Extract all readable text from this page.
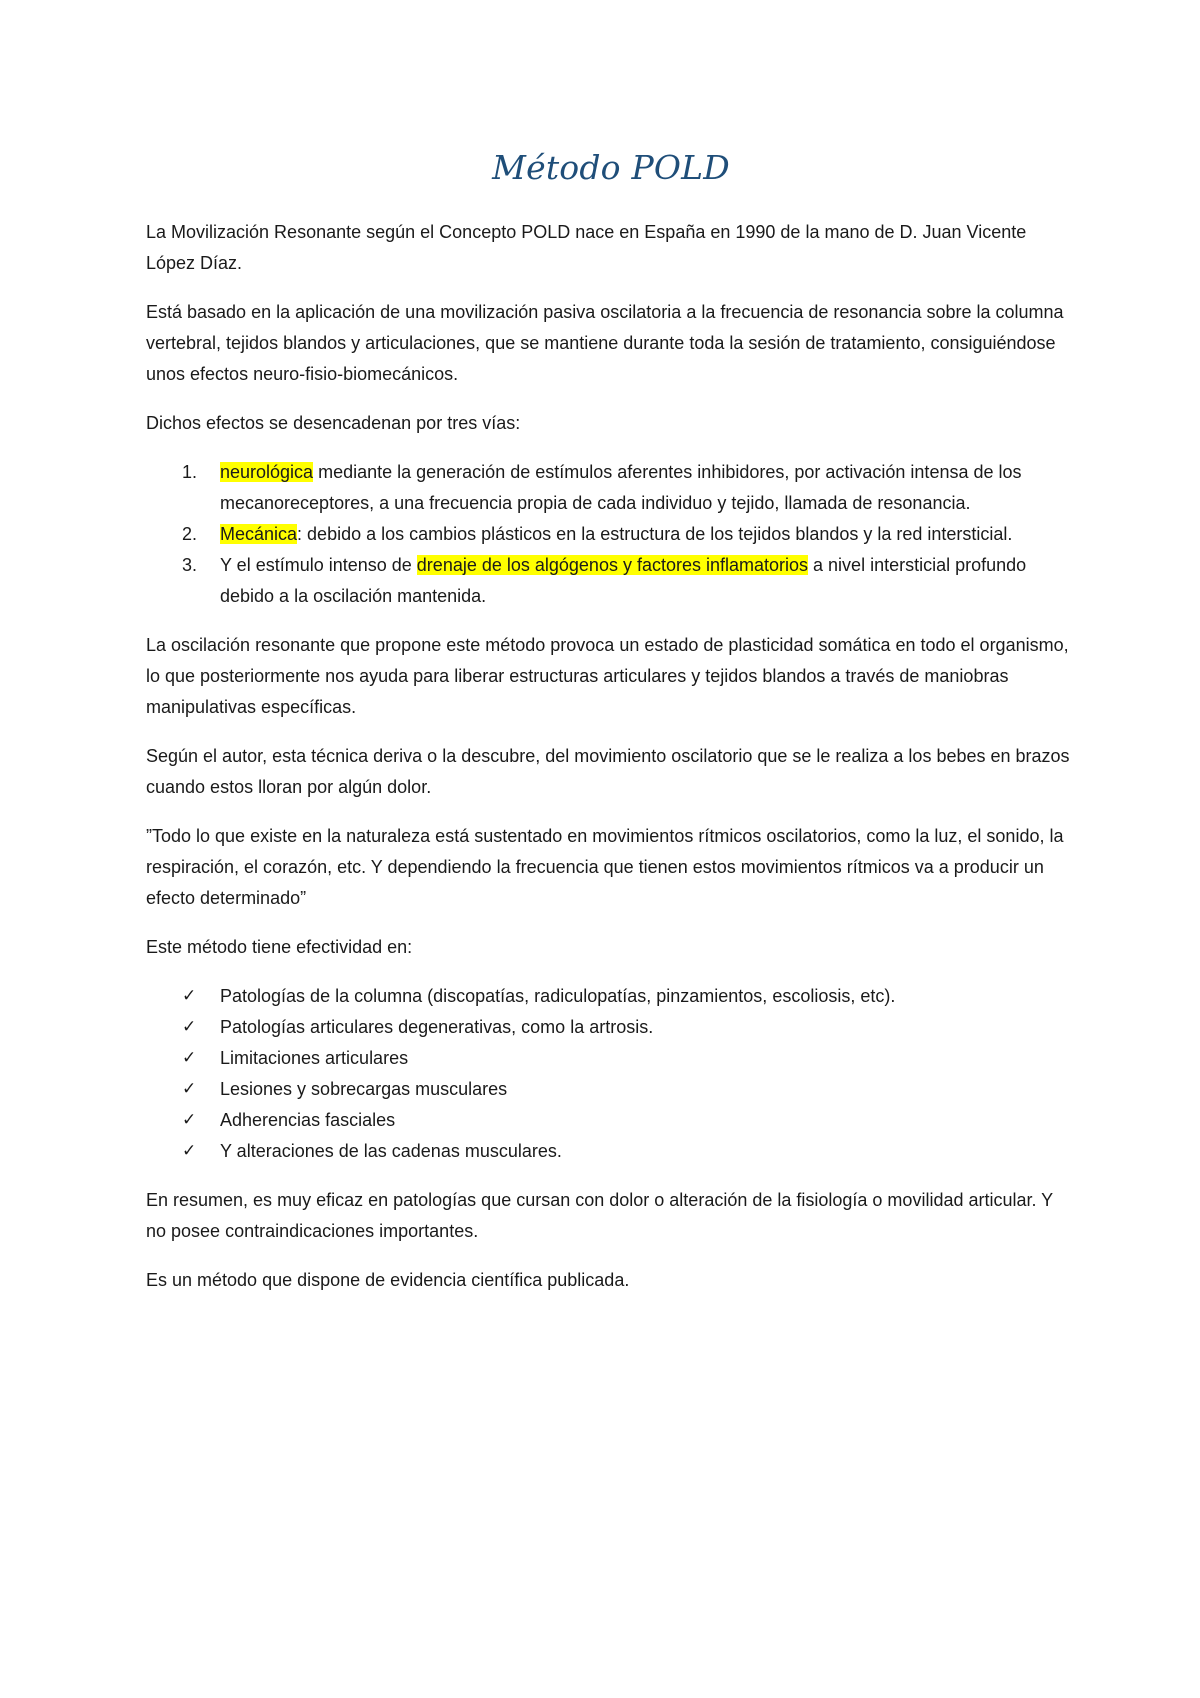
Método POLD

La Movilización Resonante según el Concepto POLD nace en España en 1990 de la mano de D. Juan Vicente López Díaz.

Está basado en la aplicación de una movilización pasiva oscilatoria a la frecuencia de resonancia sobre la columna vertebral, tejidos blandos y articulaciones, que se mantiene durante toda la sesión de tratamiento, consiguiéndose unos efectos neuro-fisio-biomecánicos.

Dichos efectos se desencadenan por tres vías:

1. neurológica mediante la generación de estímulos aferentes inhibidores, por activación intensa de los mecanoreceptores, a una frecuencia propia de cada individuo y tejido, llamada de resonancia.
2. Mecánica: debido a los cambios plásticos en la estructura de los tejidos blandos y la red intersticial.
3. Y el estímulo intenso de drenaje de los algógenos y factores inflamatorios a nivel intersticial profundo debido a la oscilación mantenida.

La oscilación resonante que propone este método provoca un estado de plasticidad somática en todo el organismo, lo que posteriormente nos ayuda para liberar estructuras articulares y tejidos blandos a través de maniobras manipulativas específicas.

Según el autor, esta técnica deriva o la descubre, del movimiento oscilatorio que se le realiza a los bebes en brazos cuando estos lloran por algún dolor.

”Todo lo que existe en la naturaleza está sustentado en movimientos rítmicos oscilatorios, como la luz, el sonido, la respiración, el corazón, etc. Y dependiendo la frecuencia que tienen estos movimientos rítmicos va a producir un efecto determinado”

Este método tiene efectividad en:

✓ Patologías de la columna (discopatías, radiculopatías, pinzamientos, escoliosis, etc).
✓ Patologías articulares degenerativas, como la artrosis.
✓ Limitaciones articulares
✓ Lesiones y sobrecargas musculares
✓ Adherencias fasciales
✓ Y alteraciones de las cadenas musculares.

En resumen, es muy eficaz en patologías que cursan con dolor o alteración de la fisiología o movilidad articular. Y no posee contraindicaciones importantes.

Es un método que dispone de evidencia científica publicada.
